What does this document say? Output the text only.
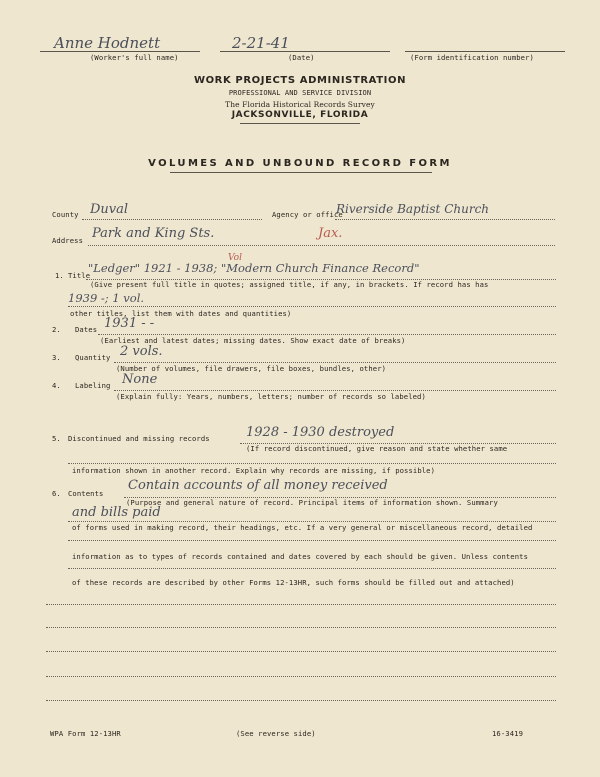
Anne Hodnett	2-21-41
(Worker's full name)	(Date)	(Form identification number)
WORK PROJECTS ADMINISTRATION
PROFESSIONAL AND SERVICE DIVISION
The Florida Historical Records Survey
JACKSONVILLE, FLORIDA
VOLUMES AND UNBOUND RECORD FORM
County Duval	Agency or office
Riverside Baptist Church
Address Park and King Sts.	Jax.
1. Title
"Ledger" 1921 - 1938; "Modern Church Finance Record"
Vol
(Give present full title in quotes; assigned title, if any, in brackets. If record has has
1939 -; 1 vol.
other titles, list them with dates and quantities)
2. Dates 1931 - -
(Earliest and latest dates; missing dates. Show exact date of breaks)
3. Quantity 2 vols.
(Number of volumes, file drawers, file boxes, bundles, other)
4. Labeling None
(Explain fully: Years, numbers, letters; number of records so labeled)
5. Discontinued and missing records	1928 - 1930 destroyed
(If record discontinued, give reason and state whether same
information shown in another record. Explain why records are missing, if possible)
6. Contents
Contain accounts of all money received
(Purpose and general nature of record. Principal items of information shown. Summary
and bills paid
of forms used in making record, their headings, etc. If a very general or miscellaneous record, detailed
information as to types of records contained and dates covered by each should be given. Unless contents
of these records are described by other Forms 12-13HR, such forms should be filled out and attached)
WPA Form 12-13HR	(See reverse side)	16-3419
